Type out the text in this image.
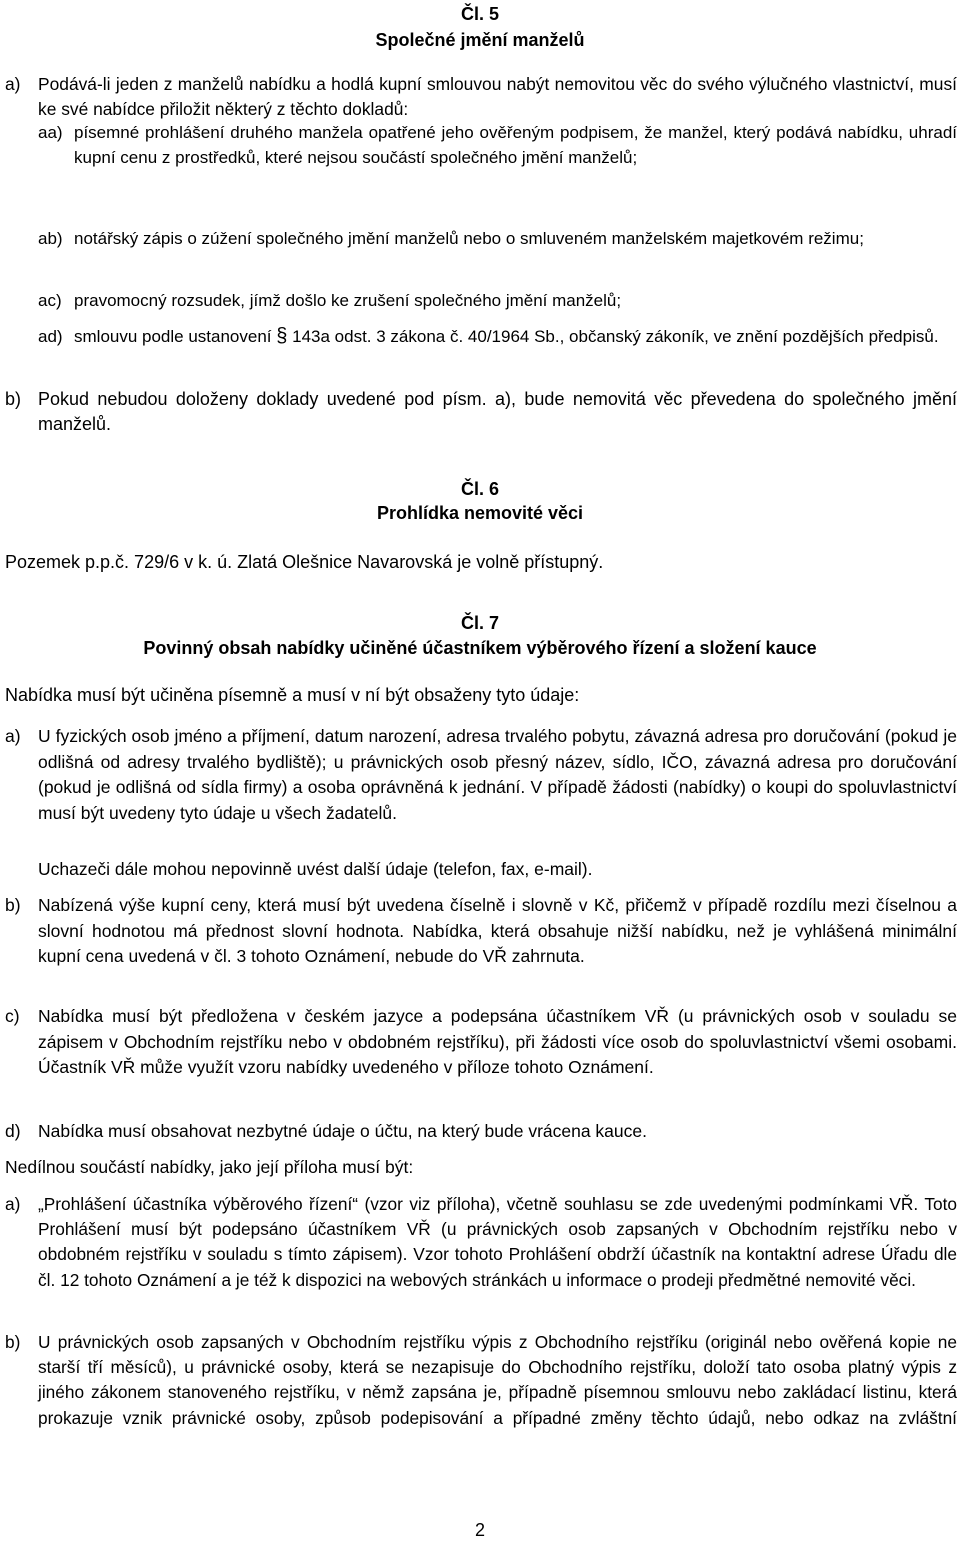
Čl. 5
Společné jmění manželů
a)	Podává-li jeden z manželů nabídku a hodlá kupní smlouvou nabýt nemovitou věc do svého výlučného vlastnictví, musí ke své nabídce přiložit některý z těchto dokladů:
aa) písemné prohlášení druhého manžela opatřené jeho ověřeným podpisem, že manžel, který podává nabídku, uhradí kupní cenu z prostředků, které nejsou součástí společného jmění manželů;
ab) notářský zápis o zúžení společného jmění manželů nebo o smluveném manželském majetkovém režimu;
ac) pravomocný rozsudek, jímž došlo ke zrušení společného jmění manželů;
ad) smlouvu podle ustanovení § 143a odst. 3 zákona č. 40/1964 Sb., občanský zákoník, ve znění pozdějších předpisů.
b) Pokud nebudou doloženy doklady uvedené pod písm. a), bude nemovitá věc převedena do společného jmění manželů.
Čl. 6
Prohlídka nemovité věci
Pozemek p.p.č. 729/6 v k. ú. Zlatá Olešnice Navarovská je volně přístupný.
Čl. 7
Povinný obsah nabídky učiněné účastníkem výběrového řízení a složení kauce
Nabídka musí být učiněna písemně a musí v ní být obsaženy tyto údaje:
a) U fyzických osob jméno a příjmení, datum narození, adresa trvalého pobytu, závazná adresa pro doručování (pokud je odlišná od adresy trvalého bydliště); u právnických osob přesný název, sídlo, IČO, závazná adresa pro doručování (pokud je odlišná od sídla firmy) a osoba oprávněná k jednání. V případě žádosti (nabídky) o koupi do spoluvlastnictví musí být uvedeny tyto údaje u všech žadatelů.
Uchazeči dále mohou nepovinně uvést další údaje (telefon, fax, e-mail).
b) Nabízená výše kupní ceny, která musí být uvedena číselně i slovně v Kč, přičemž v případě rozdílu mezi číselnou a slovní hodnotou má přednost slovní hodnota. Nabídka, která obsahuje nižší nabídku, než je vyhlášená minimální kupní cena uvedená v čl. 3 tohoto Oznámení, nebude do VŘ zahrnuta.
c)	Nabídka musí být předložena v českém jazyce a podepsána účastníkem VŘ (u právnických osob v souladu se zápisem v Obchodním rejstříku nebo v obdobném rejstříku), při žádosti více osob do spoluvlastnictví všemi osobami. Účastník VŘ může využít vzoru nabídky uvedeného v příloze tohoto Oznámení.
d) Nabídka musí obsahovat nezbytné údaje o účtu, na který bude vrácena kauce.
Nedílnou součástí nabídky, jako její příloha musí být:
a)	„Prohlášení účastníka výběrového řízení“ (vzor viz příloha), včetně souhlasu se zde uvedenými podmínkami VŘ. Toto Prohlášení musí být podepsáno účastníkem VŘ (u právnických osob zapsaných v Obchodním rejstříku nebo v obdobném rejstříku v souladu s tímto zápisem). Vzor tohoto Prohlášení obdrží účastník na kontaktní adrese Úřadu dle čl. 12 tohoto Oznámení a je též k dispozici na webových stránkách u informace o prodeji předmětné nemovité věci.
b)	U právnických osob zapsaných v Obchodním rejstříku výpis z Obchodního rejstříku (originál nebo ověřená kopie ne starší tří měsíců), u právnické osoby, která se nezapisuje do Obchodního rejstříku, doloží tato osoba platný výpis z jiného zákonem stanoveného rejstříku, v němž zapsána je, případně písemnou smlouvu nebo zakládací listinu, která prokazuje vznik právnické osoby, způsob podepisování a případné změny těchto údajů, nebo odkaz na zvláštní
2
